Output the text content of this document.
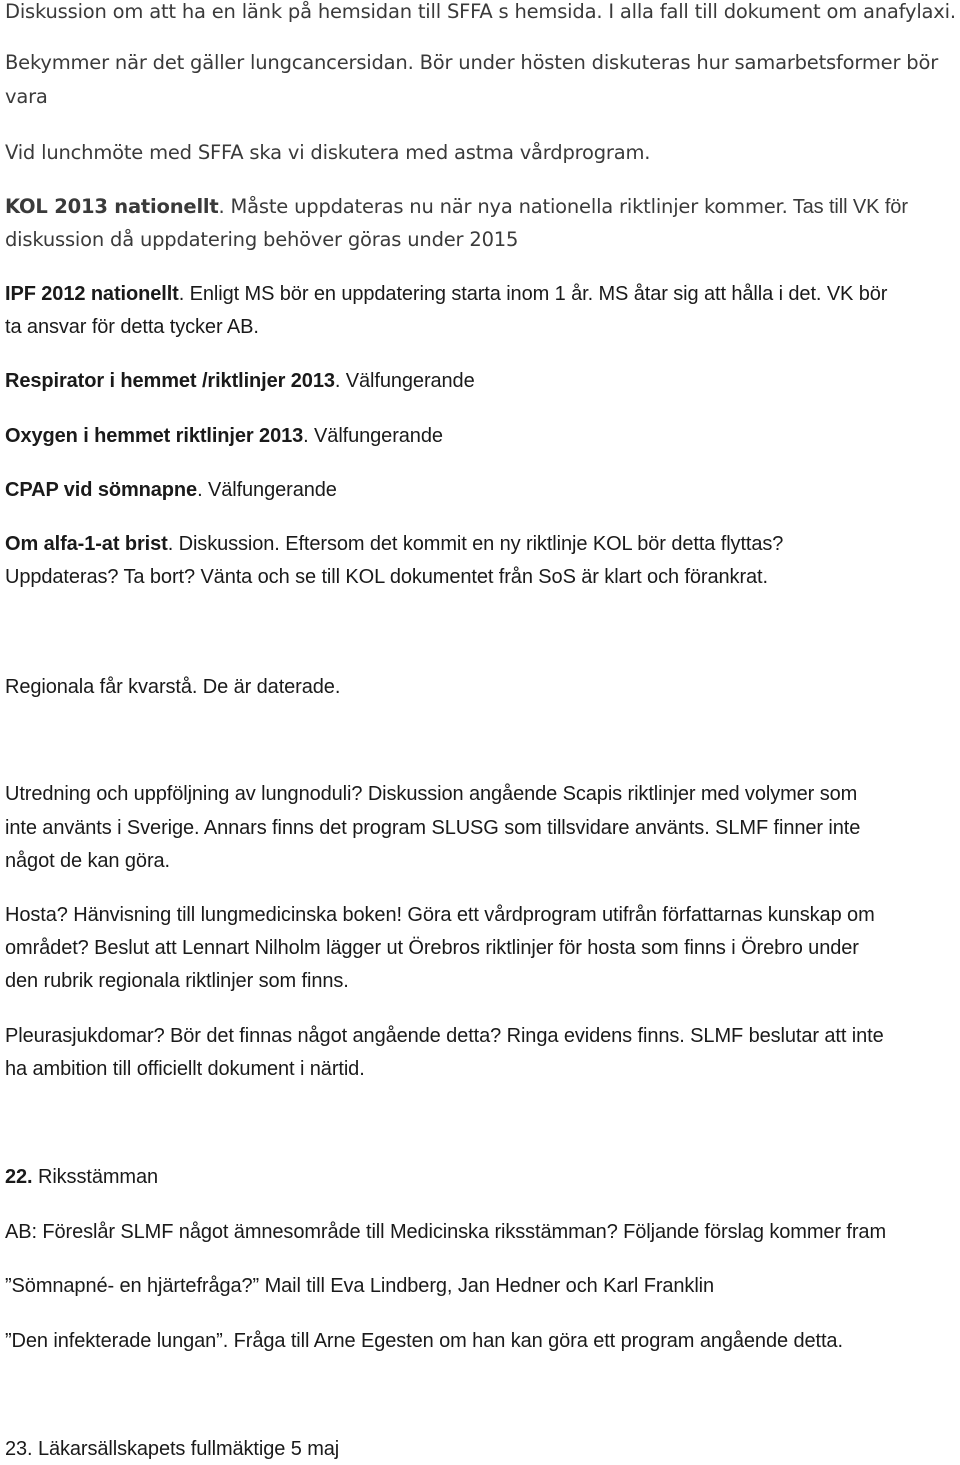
Diskussion om att ha en länk på hemsidan till SFFA s hemsida. I alla fall till dokument om anafylaxi.

Bekymmer när det gäller lungcancersidan. Bör under hösten diskuteras hur samarbetsformer bör

vara

Vid lunchmöte med SFFA ska vi diskutera med astma vårdprogram.

KOL 2013 nationellt. Måste uppdateras nu när nya nationella riktlinjer kommer. Tas till VK för

diskussion då uppdatering behöver göras under 2015

IPF 2012 nationellt. Enligt MS bör en uppdatering starta inom 1 år. MS åtar sig att hålla i det. VK bör

ta ansvar för detta tycker AB.

Respirator i hemmet /riktlinjer 2013. Välfungerande

Oxygen i hemmet riktlinjer 2013. Välfungerande

CPAP vid sömnapne. Välfungerande

Om alfa-1-at brist. Diskussion. Eftersom det kommit en ny riktlinje KOL bör detta flyttas?

Uppdateras? Ta bort? Vänta och se till KOL dokumentet från SoS är klart och förankrat.

Regionala får kvarstå. De är daterade.

Utredning och uppföljning av lungnoduli? Diskussion angående Scapis riktlinjer med volymer som

inte använts i Sverige. Annars finns det program SLUSG som tillsvidare använts. SLMF finner inte

något de kan göra.

Hosta? Hänvisning till lungmedicinska boken! Göra ett vårdprogram utifrån författarnas kunskap om

området? Beslut att Lennart Nilholm lägger ut Örebros riktlinjer för hosta som finns i Örebro under

den rubrik regionala riktlinjer som finns.

Pleurasjukdomar? Bör det finnas något angående detta? Ringa evidens finns. SLMF beslutar att inte

ha ambition till officiellt dokument i närtid.

22. Riksstämman

AB: Föreslår SLMF något ämnesområde till Medicinska riksstämman? Följande förslag kommer fram

”Sömnapné- en hjärtefråga?” Mail till Eva Lindberg, Jan Hedner och Karl Franklin

”Den infekterade lungan”. Fråga till Arne Egesten om han kan göra ett program angående detta.

23. Läkarsällskapets fullmäktige 5 maj
